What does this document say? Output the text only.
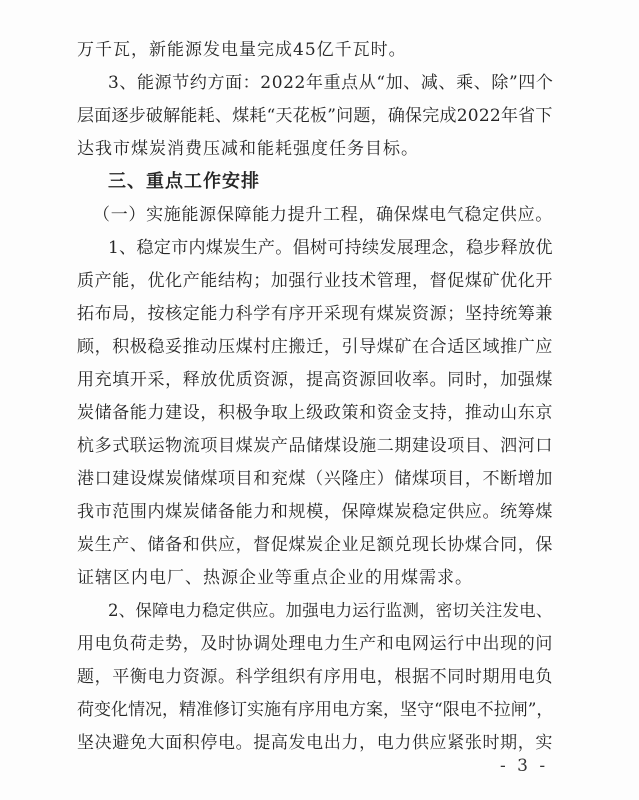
万千瓦，新能源发电量完成45亿千瓦时。
3、能源节约方面：2022年重点从“加、减、乘、除”四个
层面逐步破解能耗、煤耗“天花板”问题，确保完成2022年省下
达我市煤炭消费压减和能耗强度任务目标。
三、重点工作安排
（一）实施能源保障能力提升工程，确保煤电气稳定供应。
1、稳定市内煤炭生产。倡树可持续发展理念，稳步释放优
质产能，优化产能结构；加强行业技术管理，督促煤矿优化开
拓布局，按核定能力科学有序开采现有煤炭资源；坚持统筹兼
顾，积极稳妥推动压煤村庄搬迁，引导煤矿在合适区域推广应
用充填开采，释放优质资源，提高资源回收率。同时，加强煤
炭储备能力建设，积极争取上级政策和资金支持，推动山东京
杭多式联运物流项目煤炭产品储煤设施二期建设项目、泗河口
港口建设煤炭储煤项目和兖煤（兴隆庄）储煤项目，不断增加
我市范围内煤炭储备能力和规模，保障煤炭稳定供应。统筹煤
炭生产、储备和供应，督促煤炭企业足额兑现长协煤合同，保
证辖区内电厂、热源企业等重点企业的用煤需求。
2、保障电力稳定供应。加强电力运行监测，密切关注发电、
用电负荷走势，及时协调处理电力生产和电网运行中出现的问
题，平衡电力资源。科学组织有序用电，根据不同时期用电负
荷变化情况，精准修订实施有序用电方案，坚守“限电不拉闸”，
坚决避免大面积停电。提高发电出力，电力供应紧张时期，实
- 3 -
